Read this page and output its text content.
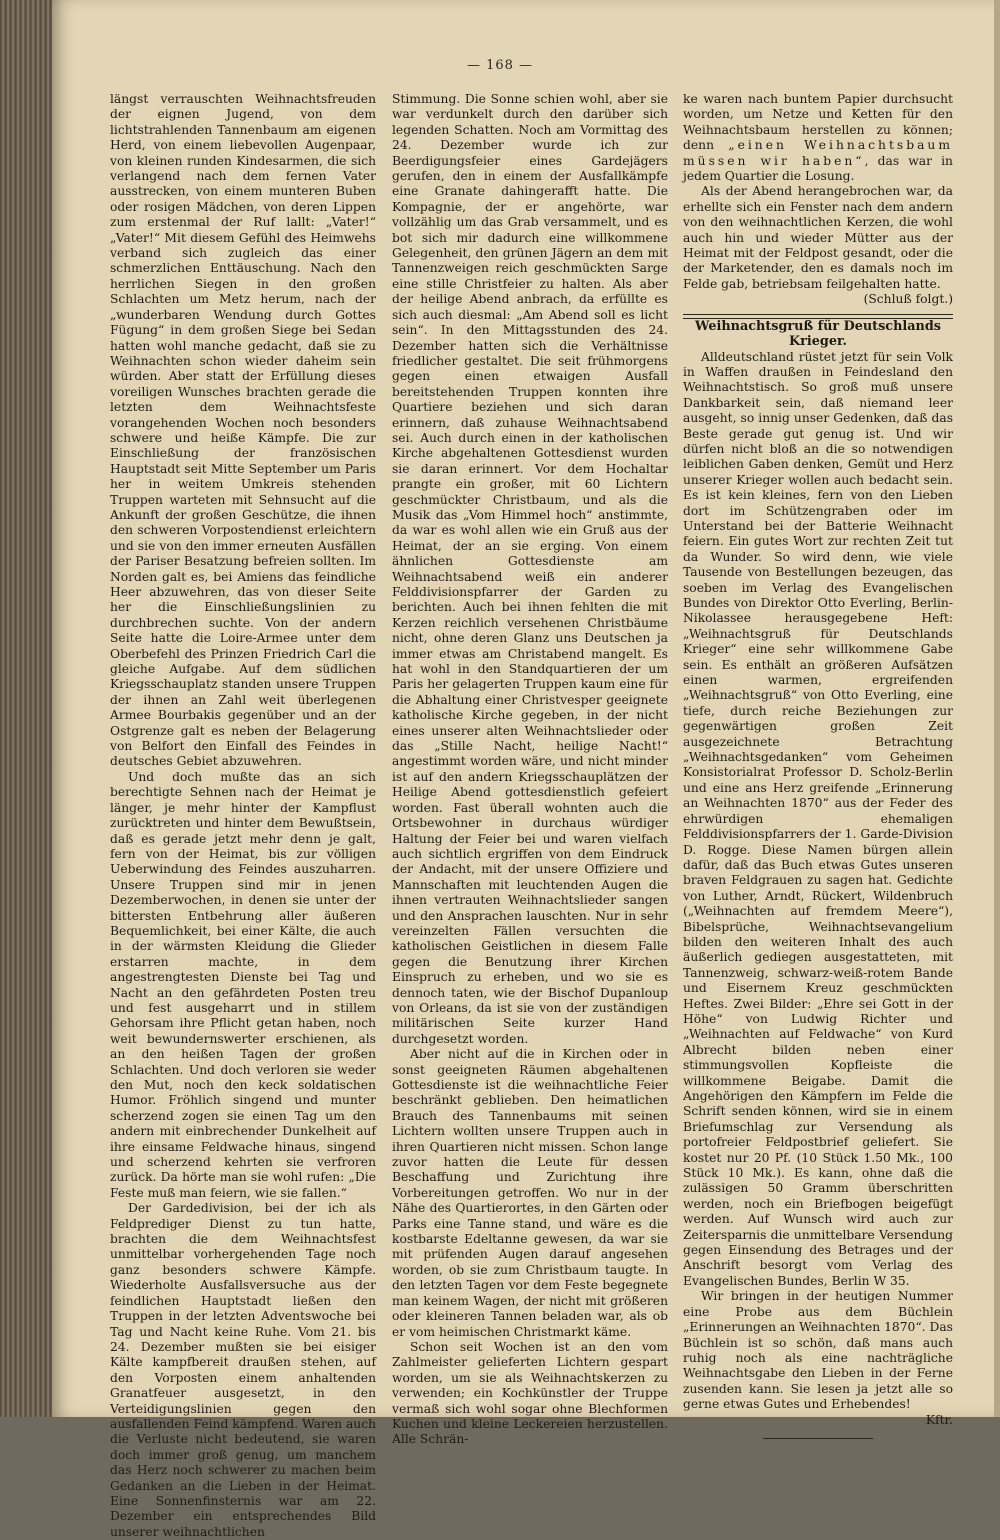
— 168 —

längst verrauschten Weihnachtsfreuden der eignen Jugend, von dem lichtstrahlenden Tannenbaum am eigenen Herd, von einem liebevollen Augenpaar, von kleinen runden Kindesarmen, die sich verlangend nach dem fernen Vater ausstrecken, von einem munteren Buben oder rosigen Mädchen, von deren Lippen zum erstenmal der Ruf lallt: „Vater!“ „Vater!“ Mit diesem Gefühl des Heimwehs verband sich zugleich das einer schmerzlichen Enttäuschung. Nach den herrlichen Siegen in den großen Schlachten um Metz herum, nach der „wunderbaren Wendung durch Gottes Fügung“ in dem großen Siege bei Sedan hatten wohl manche gedacht, daß sie zu Weihnachten schon wieder daheim sein würden. Aber statt der Erfüllung dieses voreiligen Wunsches brachten gerade die letzten dem Weihnachtsfeste vorangehenden Wochen noch besonders schwere und heiße Kämpfe. Die zur Einschließung der französischen Hauptstadt seit Mitte September um Paris her in weitem Umkreis stehenden Truppen warteten mit Sehnsucht auf die Ankunft der großen Geschütze, die ihnen den schweren Vorpostendienst erleichtern und sie von den immer erneuten Ausfällen der Pariser Besatzung befreien sollten. Im Norden galt es, bei Amiens das feindliche Heer abzuwehren, das von dieser Seite her die Einschließungslinien zu durchbrechen suchte. Von der andern Seite hatte die Loire-Armee unter dem Oberbefehl des Prinzen Friedrich Carl die gleiche Aufgabe. Auf dem südlichen Kriegsschauplatz standen unsere Truppen der ihnen an Zahl weit überlegenen Armee Bourbakis gegenüber und an der Ostgrenze galt es neben der Belagerung von Belfort den Einfall des Feindes in deutsches Gebiet abzuwehren.

Und doch mußte das an sich berechtigte Sehnen nach der Heimat je länger, je mehr hinter der Kampflust zurücktreten und hinter dem Bewußtsein, daß es gerade jetzt mehr denn je galt, fern von der Heimat, bis zur völligen Ueberwindung des Feindes auszuharren. Unsere Truppen sind mir in jenen Dezemberwochen, in denen sie unter der bittersten Entbehrung aller äußeren Bequemlichkeit, bei einer Kälte, die auch in der wärmsten Kleidung die Glieder erstarren machte, in dem angestrengtesten Dienste bei Tag und Nacht an den gefährdeten Posten treu und fest ausgeharrt und in stillem Gehorsam ihre Pflicht getan haben, noch weit bewundernswerter erschienen, als an den heißen Tagen der großen Schlachten. Und doch verloren sie weder den Mut, noch den keck soldatischen Humor. Fröhlich singend und munter scherzend zogen sie einen Tag um den andern mit einbrechender Dunkelheit auf ihre einsame Feldwache hinaus, singend und scherzend kehrten sie verfroren zurück. Da hörte man sie wohl rufen: „Die Feste muß man feiern, wie sie fallen.“

Der Gardedivision, bei der ich als Feldprediger Dienst zu tun hatte, brachten die dem Weihnachtsfest unmittelbar vorhergehenden Tage noch ganz besonders schwere Kämpfe. Wiederholte Ausfallsversuche aus der feindlichen Hauptstadt ließen den Truppen in der letzten Adventswoche bei Tag und Nacht keine Ruhe. Vom 21. bis 24. Dezember mußten sie bei eisiger Kälte kampfbereit draußen stehen, auf den Vorposten einem anhaltenden Granatfeuer ausgesetzt, in den Verteidigungslinien gegen den ausfallenden Feind kämpfend. Waren auch die Verluste nicht bedeutend, sie waren doch immer groß genug, um manchem das Herz noch schwerer zu machen beim Gedanken an die Lieben in der Heimat. Eine Sonnenfinsternis war am 22. Dezember ein entsprechendes Bild unserer weihnachtlichen

Stimmung. Die Sonne schien wohl, aber sie war verdunkelt durch den darüber sich legenden Schatten. Noch am Vormittag des 24. Dezember wurde ich zur Beerdigungsfeier eines Gardejägers gerufen, den in einem der Ausfallkämpfe eine Granate dahingerafft hatte. Die Kompagnie, der er angehörte, war vollzählig um das Grab versammelt, und es bot sich mir dadurch eine willkommene Gelegenheit, den grünen Jägern an dem mit Tannenzweigen reich geschmückten Sarge eine stille Christfeier zu halten. Als aber der heilige Abend anbrach, da erfüllte es sich auch diesmal: „Am Abend soll es licht sein“. In den Mittagsstunden des 24. Dezember hatten sich die Verhältnisse friedlicher gestaltet. Die seit frühmorgens gegen einen etwaigen Ausfall bereitstehenden Truppen konnten ihre Quartiere beziehen und sich daran erinnern, daß zuhause Weihnachtsabend sei. Auch durch einen in der katholischen Kirche abgehaltenen Gottesdienst wurden sie daran erinnert. Vor dem Hochaltar prangte ein großer, mit 60 Lichtern geschmückter Christbaum, und als die Musik das „Vom Himmel hoch“ anstimmte, da war es wohl allen wie ein Gruß aus der Heimat, der an sie erging. Von einem ähnlichen Gottesdienste am Weihnachtsabend weiß ein anderer Felddivisionspfarrer der Garden zu berichten. Auch bei ihnen fehlten die mit Kerzen reichlich versehenen Christbäume nicht, ohne deren Glanz uns Deutschen ja immer etwas am Christabend mangelt. Es hat wohl in den Standquartieren der um Paris her gelagerten Truppen kaum eine für die Abhaltung einer Christvesper geeignete katholische Kirche gegeben, in der nicht eines unserer alten Weihnachtslieder oder das „Stille Nacht, heilige Nacht!“ angestimmt worden wäre, und nicht minder ist auf den andern Kriegsschauplätzen der Heilige Abend gottesdienstlich gefeiert worden. Fast überall wohnten auch die Ortsbewohner in durchaus würdiger Haltung der Feier bei und waren vielfach auch sichtlich ergriffen von dem Eindruck der Andacht, mit der unsere Offiziere und Mannschaften mit leuchtenden Augen die ihnen vertrauten Weihnachtslieder sangen und den Ansprachen lauschten. Nur in sehr vereinzelten Fällen versuchten die katholischen Geistlichen in diesem Falle gegen die Benutzung ihrer Kirchen Einspruch zu erheben, und wo sie es dennoch taten, wie der Bischof Dupanloup von Orleans, da ist sie von der zuständigen militärischen Seite kurzer Hand durchgesetzt worden.

Aber nicht auf die in Kirchen oder in sonst geeigneten Räumen abgehaltenen Gottesdienste ist die weihnachtliche Feier beschränkt geblieben. Den heimatlichen Brauch des Tannenbaums mit seinen Lichtern wollten unsere Truppen auch in ihren Quartieren nicht missen. Schon lange zuvor hatten die Leute für dessen Beschaffung und Zurichtung ihre Vorbereitungen getroffen. Wo nur in der Nähe des Quartierortes, in den Gärten oder Parks eine Tanne stand, und wäre es die kostbarste Edeltanne gewesen, da war sie mit prüfenden Augen darauf angesehen worden, ob sie zum Christbaum taugte. In den letzten Tagen vor dem Feste begegnete man keinem Wagen, der nicht mit größeren oder kleineren Tannen beladen war, als ob er vom heimischen Christmarkt käme.

Schon seit Wochen ist an den vom Zahlmeister gelieferten Lichtern gespart worden, um sie als Weihnachtskerzen zu verwenden; ein Kochkünstler der Truppe vermaß sich wohl sogar ohne Blechformen Kuchen und kleine Leckereien herzustellen. Alle Schrän-

ke waren nach buntem Papier durchsucht worden, um Netze und Ketten für den Weihnachtsbaum herstellen zu können; denn „einen Weihnachtsbaum müssen wir haben“, das war in jedem Quartier die Losung.

Als der Abend herangebrochen war, da erhellte sich ein Fenster nach dem andern von den weihnachtlichen Kerzen, die wohl auch hin und wieder Mütter aus der Heimat mit der Feldpost gesandt, oder die der Marketender, den es damals noch im Felde gab, betriebsam feilgehalten hatte.

(Schluß folgt.)

Weihnachtsgruß für Deutschlands Krieger.

Alldeutschland rüstet jetzt für sein Volk in Waffen draußen in Feindesland den Weihnachtstisch. So groß muß unsere Dankbarkeit sein, daß niemand leer ausgeht, so innig unser Gedenken, daß das Beste gerade gut genug ist. Und wir dürfen nicht bloß an die so notwendigen leiblichen Gaben denken, Gemüt und Herz unserer Krieger wollen auch bedacht sein. Es ist kein kleines, fern von den Lieben dort im Schützengraben oder im Unterstand bei der Batterie Weihnacht feiern. Ein gutes Wort zur rechten Zeit tut da Wunder. So wird denn, wie viele Tausende von Bestellungen bezeugen, das soeben im Verlag des Evangelischen Bundes von Direktor Otto Everling, Berlin-Nikolassee herausgegebene Heft: „Weihnachtsgruß für Deutschlands Krieger“ eine sehr willkommene Gabe sein. Es enthält an größeren Aufsätzen einen warmen, ergreifenden „Weihnachtsgruß“ von Otto Everling, eine tiefe, durch reiche Beziehungen zur gegenwärtigen großen Zeit ausgezeichnete Betrachtung „Weihnachtsgedanken“ vom Geheimen Konsistorialrat Professor D. Scholz-Berlin und eine ans Herz greifende „Erinnerung an Weihnachten 1870“ aus der Feder des ehrwürdigen ehemaligen Felddivisionspfarrers der 1. Garde-Division D. Rogge. Diese Namen bürgen allein dafür, daß das Buch etwas Gutes unseren braven Feldgrauen zu sagen hat. Gedichte von Luther, Arndt, Rückert, Wildenbruch („Weihnachten auf fremdem Meere“), Bibelsprüche, Weihnachtsevangelium bilden den weiteren Inhalt des auch äußerlich gediegen ausgestatteten, mit Tannenzweig, schwarz-weiß-rotem Bande und Eisernem Kreuz geschmückten Heftes. Zwei Bilder: „Ehre sei Gott in der Höhe“ von Ludwig Richter und „Weihnachten auf Feldwache“ von Kurd Albrecht bilden neben einer stimmungsvollen Kopfleiste die willkommene Beigabe. Damit die Angehörigen den Kämpfern im Felde die Schrift senden können, wird sie in einem Briefumschlag zur Versendung als portofreier Feldpostbrief geliefert. Sie kostet nur 20 Pf. (10 Stück 1.50 Mk., 100 Stück 10 Mk.). Es kann, ohne daß die zulässigen 50 Gramm überschritten werden, noch ein Briefbogen beigefügt werden. Auf Wunsch wird auch zur Zeitersparnis die unmittelbare Versendung gegen Einsendung des Betrages und der Anschrift besorgt vom Verlag des Evangelischen Bundes, Berlin W 35.

Wir bringen in der heutigen Nummer eine Probe aus dem Büchlein „Erinnerungen an Weihnachten 1870“. Das Büchlein ist so schön, daß mans auch ruhig noch als eine nachträgliche Weihnachtsgabe den Lieben in der Ferne zusenden kann. Sie lesen ja jetzt alle so gerne etwas Gutes und Erhebendes!

Kftr.
